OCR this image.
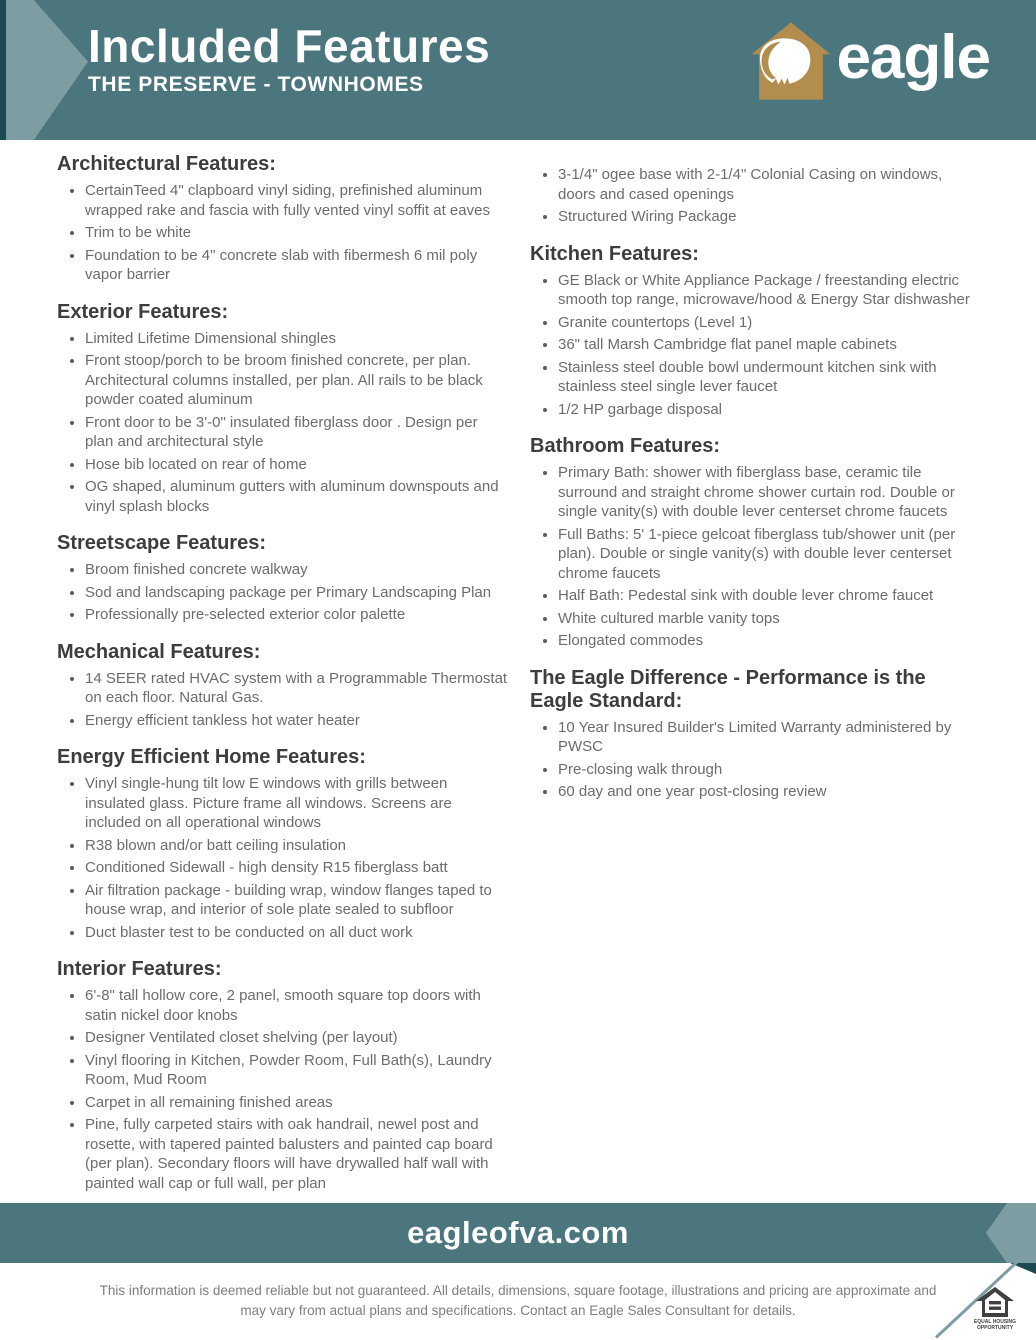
Included Features
THE PRESERVE - TOWNHOMES	eagle
Architectural Features:
• CertainTeed 4" clapboard vinyl siding, prefinished aluminum wrapped rake and fascia with fully vented vinyl soffit at eaves
• Trim to be white
• Foundation to be 4" concrete slab with fibermesh 6 mil poly vapor barrier
Exterior Features:
• Limited Lifetime Dimensional shingles
• Front stoop/porch to be broom finished concrete, per plan. Architectural columns installed, per plan. All rails to be black powder coated aluminum
• Front door to be 3'-0" insulated fiberglass door . Design per plan and architectural style
• Hose bib located on rear of home
• OG shaped, aluminum gutters with aluminum downspouts and vinyl splash blocks
Streetscape Features:
• Broom finished concrete walkway
• Sod and landscaping package per Primary Landscaping Plan
• Professionally pre-selected exterior color palette
Mechanical Features:
• 14 SEER rated HVAC system with a Programmable Thermostat on each floor. Natural Gas.
• Energy efficient tankless hot water heater
Energy Efficient Home Features:
• Vinyl single-hung tilt low E windows with grills between insulated glass. Picture frame all windows. Screens are included on all operational windows
• R38 blown and/or batt ceiling insulation
• Conditioned Sidewall - high density R15 fiberglass batt
• Air filtration package - building wrap, window flanges taped to house wrap, and interior of sole plate sealed to subfloor
• Duct blaster test to be conducted on all duct work
Interior Features:
• 6'-8" tall hollow core, 2 panel, smooth square top doors with satin nickel door knobs
• Designer Ventilated closet shelving (per layout)
• Vinyl flooring in Kitchen, Powder Room, Full Bath(s), Laundry Room, Mud Room
• Carpet in all remaining finished areas
• Pine, fully carpeted stairs with oak handrail, newel post and rosette, with tapered painted balusters and painted cap board (per plan). Secondary floors will have drywalled half wall with painted wall cap or full wall, per plan
• 3-1/4" ogee base with 2-1/4" Colonial Casing on windows, doors and cased openings
• Structured Wiring Package
Kitchen Features:
• GE Black or White Appliance Package / freestanding electric smooth top range, microwave/hood & Energy Star dishwasher
• Granite countertops (Level 1)
• 36" tall Marsh Cambridge flat panel maple cabinets
• Stainless steel double bowl undermount kitchen sink with stainless steel single lever faucet
• 1/2 HP garbage disposal
Bathroom Features:
• Primary Bath: shower with fiberglass base, ceramic tile surround and straight chrome shower curtain rod. Double or single vanity(s) with double lever centerset chrome faucets
• Full Baths: 5' 1-piece gelcoat fiberglass tub/shower unit (per plan). Double or single vanity(s) with double lever centerset chrome faucets
• Half Bath: Pedestal sink with double lever chrome faucet
• White cultured marble vanity tops
• Elongated commodes
The Eagle Difference - Performance is the Eagle Standard:
• 10 Year Insured Builder's Limited Warranty administered by PWSC
• Pre-closing walk through
• 60 day and one year post-closing review
eagleofva.com
This information is deemed reliable but not guaranteed. All details, dimensions, square footage, illustrations and pricing are approximate and may vary from actual plans and specifications. Contact an Eagle Sales Consultant for details.
EQUAL HOUSING OPPORTUNITY
